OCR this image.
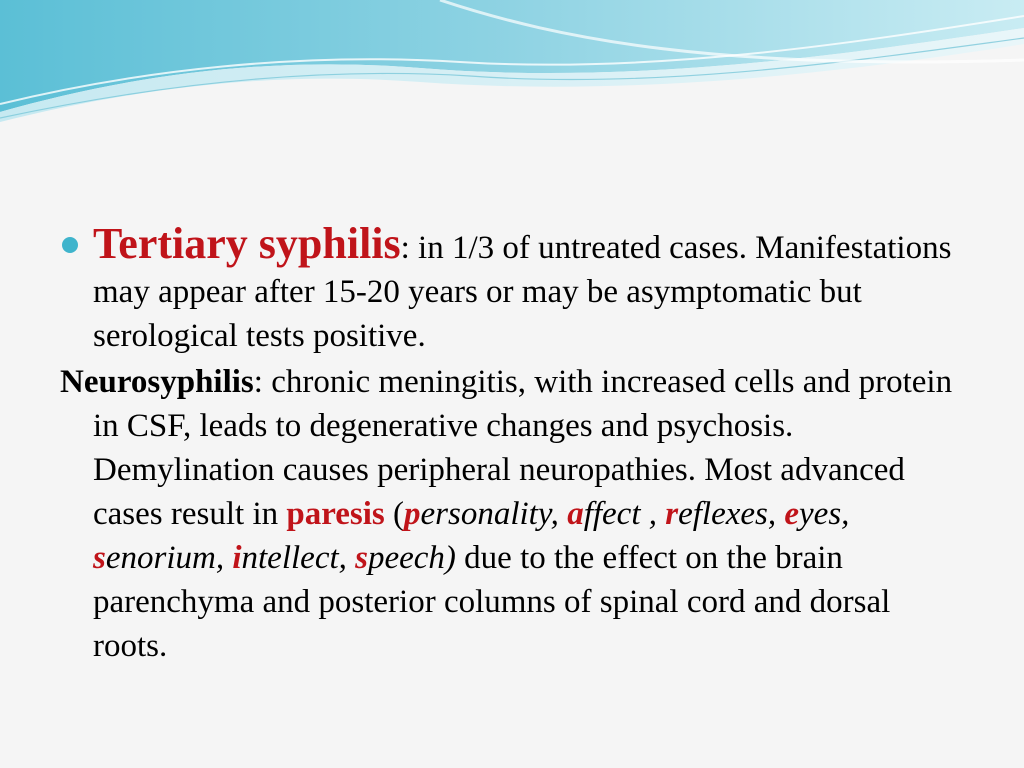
Tertiary syphilis: in 1/3 of untreated cases. Manifestations may appear after 15-20 years or may be asymptomatic but serological tests positive.
Neurosyphilis: chronic meningitis, with increased cells and protein in CSF, leads to degenerative changes and psychosis. Demylination causes peripheral neuropathies. Most advanced cases result in paresis (personality, affect , reflexes, eyes, senorium, intellect, speech) due to the effect on the brain parenchyma and posterior columns of spinal cord and dorsal roots.
